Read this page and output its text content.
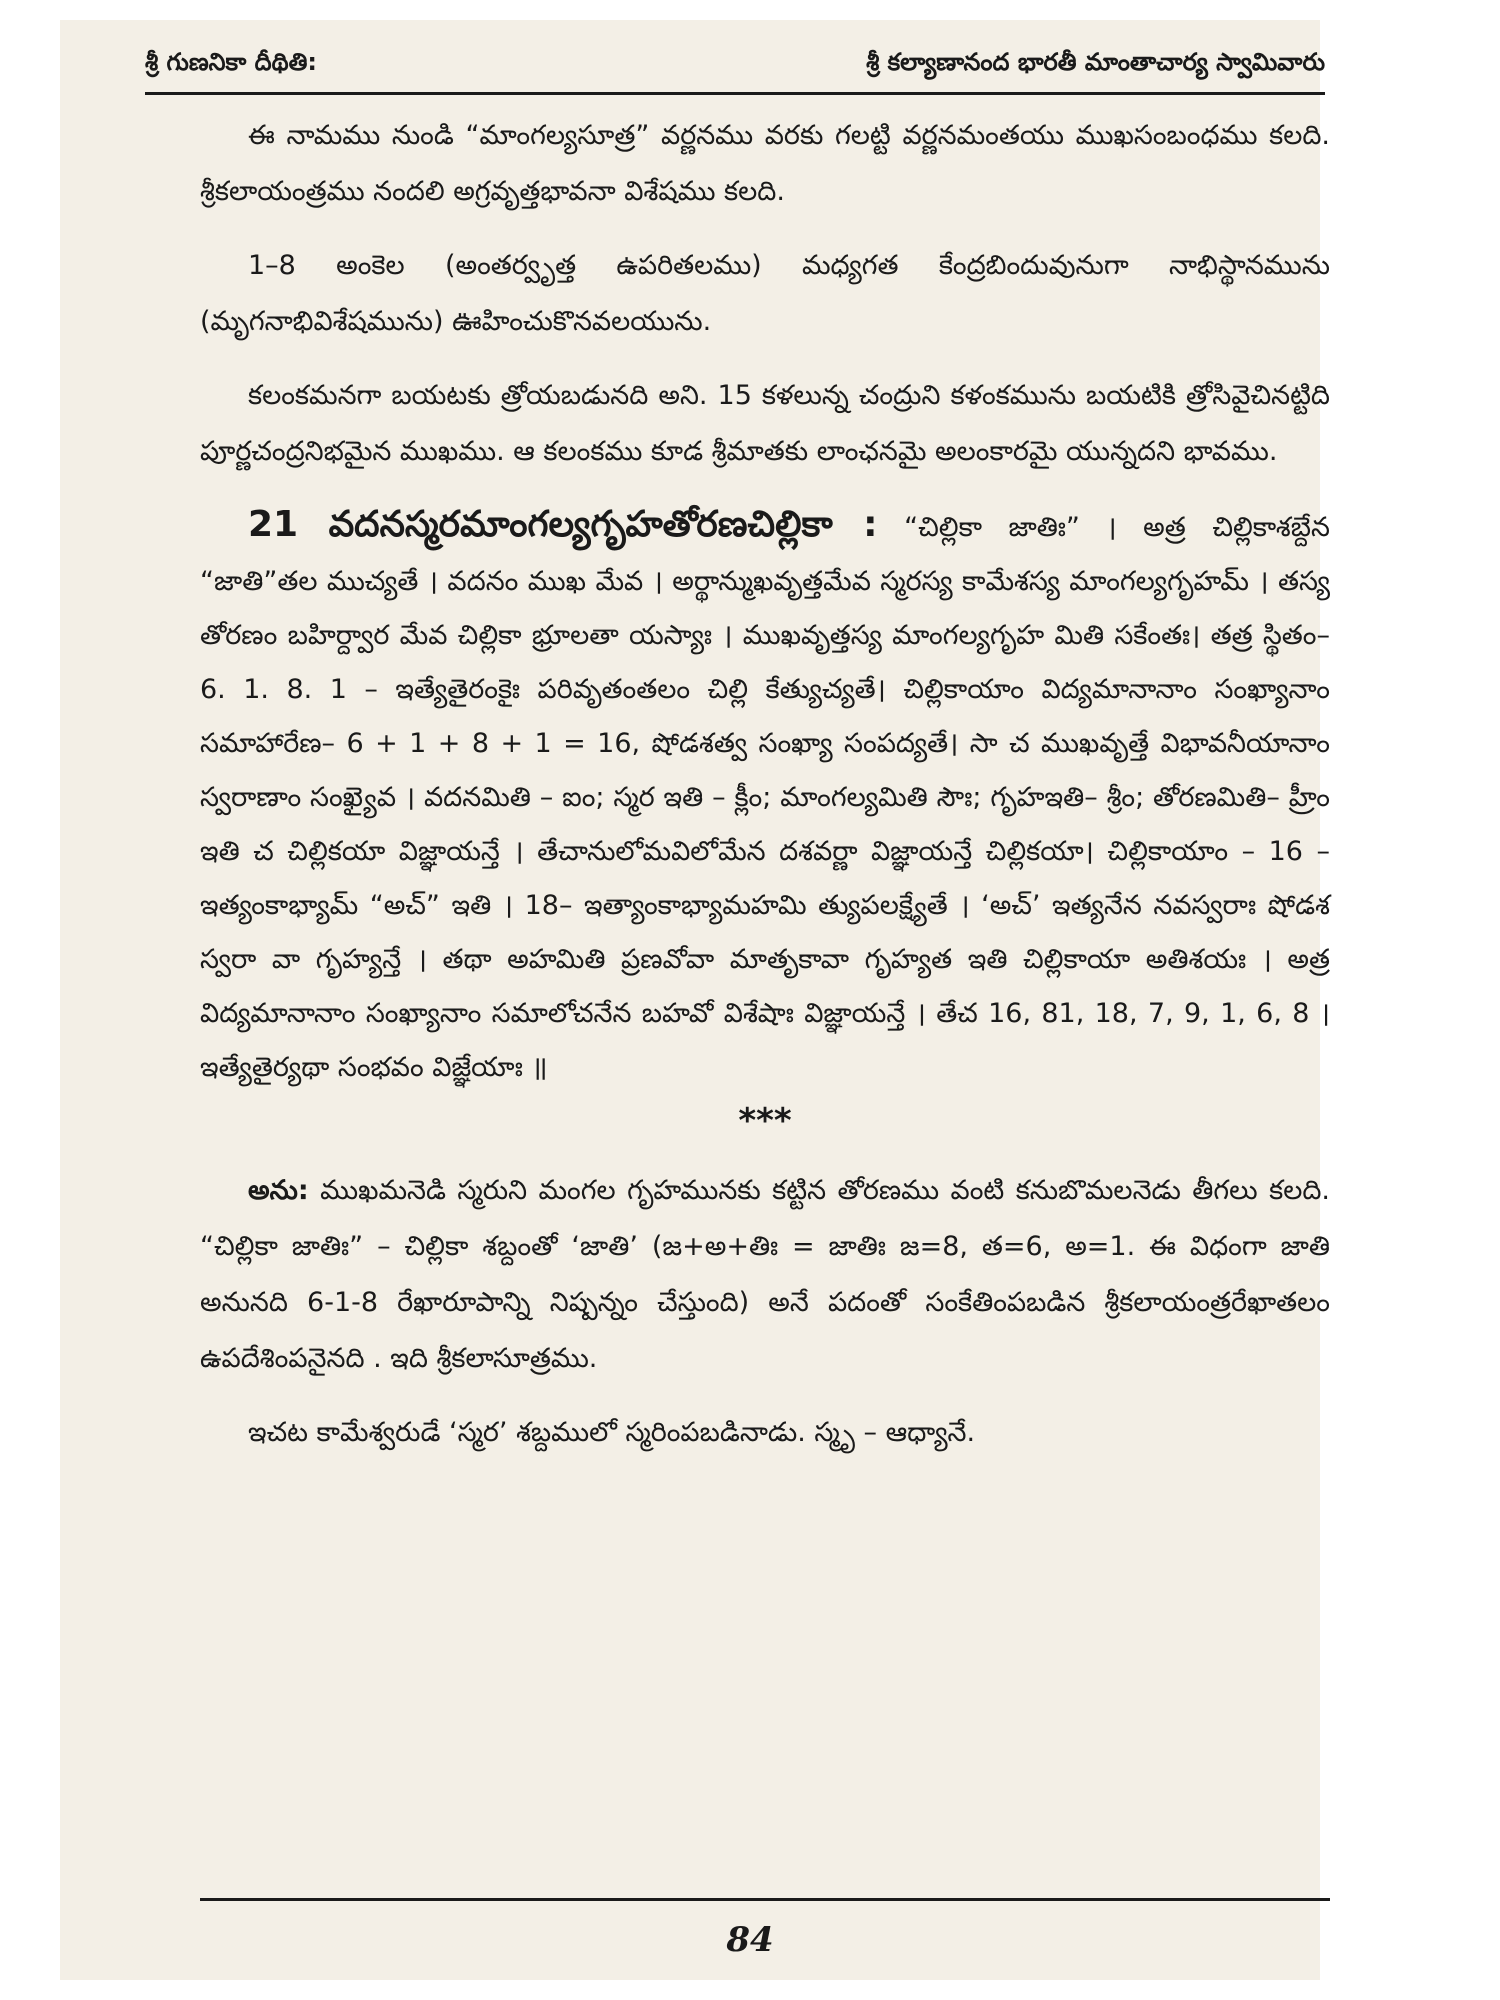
శ్రీ గుణనికా దీథితి:	శ్రీ కల్యాణానంద భారతీ మాంతాచార్య స్వామివారు

ఈ నామము నుండి “మాంగల్యసూత్ర” వర్ణనము వరకు గలట్టి వర్ణనమంతయు ముఖసంబంధము కలది. శ్రీకలాయంత్రము నందలి అగ్రవృత్తభావనా విశేషము కలది.

1–8 అంకెల (అంతర్వృత్త ఉపరితలము) మధ్యగత కేంద్రబిందువునుగా నాభిస్థానమును (మృగనాభివిశేషమును) ఊహించుకొనవలయును.

కలంకమనగా బయటకు త్రోయబడునది అని. 15 కళలున్న చంద్రుని కళంకమును బయటికి త్రోసివైచినట్టిది పూర్ణచంద్రనిభమైన ముఖము. ఆ కలంకము కూడ శ్రీమాతకు లాంఛనమై అలంకారమై యున్నదని భావము.

21 వదనస్మరమాంగల్యగృహతోరణచిల్లికా : “చిల్లికా జాతిః” । అత్ర చిల్లికాశబ్దేన “జాతి”తల ముచ్యతే । వదనం ముఖ మేవ । అర్థాన్ముఖవృత్తమేవ స్మరస్య కామేశస్య మాంగల్యగృహమ్ । తస్య తోరణం బహిర్ద్వార మేవ చిల్లికా భ్రూలతా యస్యాః । ముఖవృత్తస్య మాంగల్యగృహ మితి సకేంతః। తత్ర స్థితం– 6. 1. 8. 1 – ఇత్యేతైరంకైః పరివృతంతలం చిల్లి కేత్యుచ్యతే। చిల్లికాయాం విద్యమానానాం సంఖ్యానాం సమాహారేణ– 6 + 1 + 8 + 1 = 16, షోడశత్వ సంఖ్యా సంపద్యతే। సా చ ముఖవృత్తే విభావనీయానాం స్వరాణాం సంఖ్యైవ । వదనమితి – ఐం; స్మర ఇతి – క్లీం; మాంగల్యమితి సౌః; గృహఇతి– శ్రీం; తోరణమితి– హ్రీం ఇతి చ చిల్లికయా విజ్ఞాయన్తే । తేచానులోమవిలోమేన దశవర్ణా విజ్ఞాయన్తే చిల్లికయా। చిల్లికాయాం – 16 – ఇత్యంకాభ్యామ్ “అచ్” ఇతి । 18– ఇత్యాంకాభ్యామహమి త్యుపలక్ష్యేతే । ‘అచ్’ ఇత్యనేన నవస్వరాః షోడశ స్వరా వా గృహ్యన్తే । తథా అహమితి ప్రణవోవా మాతృకావా గృహ్యత ఇతి చిల్లికాయా అతిశయః । అత్ర విద్యమానానాం సంఖ్యానాం సమాలోచనేన బహవో విశేషాః విజ్ఞాయన్తే । తేచ 16, 81, 18, 7, 9, 1, 6, 8 । ఇత్యేతైర్యథా సంభవం విజ్ఞేయాః ॥

***

అను: ముఖమనెడి స్మరుని మంగల గృహమునకు కట్టిన తోరణము వంటి కనుబొమలనెడు తీగలు కలది. “చిల్లికా జాతిః” – చిల్లికా శబ్దంతో ‘జాతి’ (జ+అ+తిః = జాతిః జ=8, త=6, అ=1. ఈ విధంగా జాతి అనునది 6-1-8 రేఖారూపాన్ని నిష్పన్నం చేస్తుంది) అనే పదంతో సంకేతింపబడిన శ్రీకలాయంత్రరేఖాతలం ఉపదేశింపనైనది . ఇది శ్రీకలాసూత్రము.

ఇచట కామేశ్వరుడే ‘స్మర’ శబ్దములో స్మరింపబడినాడు. స్మృ – ఆధ్యానే.

84
